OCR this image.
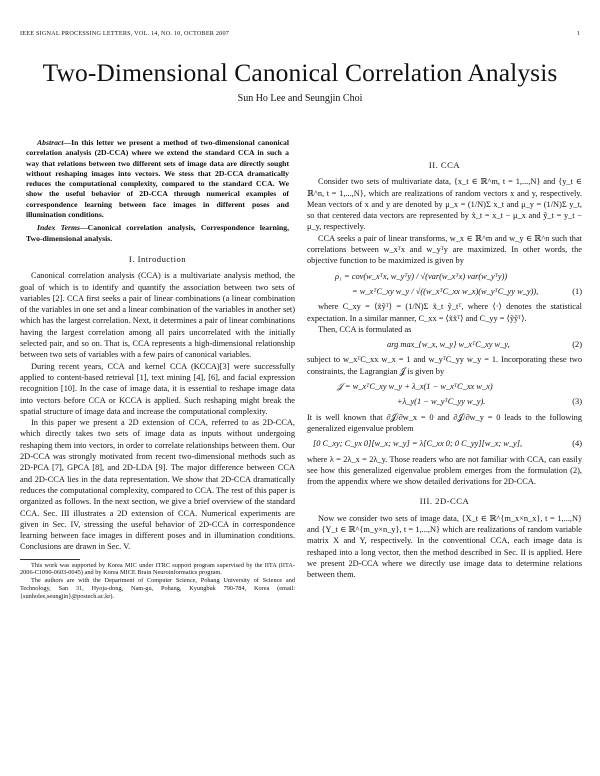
IEEE SIGNAL PROCESSING LETTERS, VOL. 14, NO. 10, OCTOBER 2007	1
Two-Dimensional Canonical Correlation Analysis
Sun Ho Lee and Seungjin Choi

Abstract—In this letter we present a method of two-dimensional canonical correlation analysis (2D-CCA) where we extend the standard CCA in such a way that relations between two different sets of image data are directly sought without reshaping images into vectors. We stess that 2D-CCA dramatically reduces the computational complexity, compared to the standard CCA. We show the useful behavior of 2D-CCA through numerical examples of correspondence learning between face images in different poses and illumination conditions.

Index Terms—Canonical correlation analysis, Correspondence learning, Two-dimensional analysis.

I. Introduction

Canonical correlation analysis (CCA) is a multivariate analysis method, the goal of which is to identify and quantify the association between two sets of variables [2]. CCA first seeks a pair of linear combinations (a linear combination of the variables in one set and a linear combination of the variables in another set) which has the largest correlation. Next, it determines a pair of linear combinations having the largest correlation among all pairs uncorrelated with the initially selected pair, and so on. That is, CCA represents a high-dimensional relationship between two sets of variables with a few pairs of canonical variables.

During recent years, CCA and kernel CCA (KCCA)[3] were successfully applied to content-based retrieval [1], text mining [4], [6], and facial expression recognition [10]. In the case of image data, it is essential to reshape image data into vectors before CCA or KCCA is applied. Such reshaping might break the spatial structure of image data and increase the computational complexity.

In this paper we present a 2D extension of CCA, referred to as 2D-CCA, which directly takes two sets of image data as inputs without undergoing reshaping them into vectors, in order to correlate relationships between them. Our 2D-CCA was strongly motivated from recent two-dimensional methods such as 2D-PCA [7], GPCA [8], and 2D-LDA [9]. The major difference between CCA and 2D-CCA lies in the data representation. We show that 2D-CCA dramatically reduces the computational complexity, compared to CCA. The rest of this paper is organized as follows. In the next section, we give a brief overview of the standard CCA. Sec. III illustrates a 2D extension of CCA. Numerical experiments are given in Sec. IV, stressing the useful behavior of 2D-CCA in correspondence learning between face images in different poses and in illumination conditions. Conclusions are drawn in Sec. V.

This work was supported by Korea MIC under ITRC support program supervised by the IITA (IITA-2006-C1090-0603-0045) and by Korea MICE Brain Neuroinformatics program.

The authors are with the Department of Computer Science, Pohang University of Science and Technology, San 31, Hyoja-dong, Nam-gu, Pohang, Kyungbuk 790-784, Korea (email: {sunholee,seungjin}@postech.ac.kr).

II. CCA

Consider two sets of multivariate data, {x_t ∈ ℝ^m, t = 1,...,N} and {y_t ∈ ℝ^n, t = 1,...,N}, which are realizations of random vectors x and y, respectively. Mean vectors of x and y are denoted by μ_x = (1/N)Σ x_t and μ_y = (1/N)Σ y_t, so that centered data vectors are represented by x̃_t = x_t − μ_x and ỹ_t = y_t − μ_y, respectively.

CCA seeks a pair of linear transforms, w_x ∈ ℝ^m and w_y ∈ ℝ^n such that correlations between w_xᵀx and w_yᵀy are maximized. In other words, the objective function to be maximized is given by

ρ₁ = cov(w_xᵀx, w_yᵀy) / √(var(w_xᵀx) var(w_yᵀy))
= w_xᵀC_xy w_y / √((w_xᵀC_xx w_x)(w_yᵀC_yy w_y)),	(1)

where C_xy = ⟨x̃ỹᵀ⟩ = (1/N)Σ x̃_t ỹ_tᵀ, where ⟨·⟩ denotes the statistical expectation. In a similar manner, C_xx = ⟨x̃x̃ᵀ⟩ and C_yy = ⟨ỹỹᵀ⟩.

Then, CCA is formulated as

arg max_{w_x, w_y} w_xᵀC_xy w_y,	(2)

subject to w_xᵀC_xx w_x = 1 and w_yᵀC_yy w_y = 1. Incorporating these two constraints, the Lagrangian 𝒥 is given by

𝒥 = w_xᵀC_xy w_y + λ_x(1 − w_xᵀC_xx w_x)
+λ_y(1 − w_yᵀC_yy w_y).	(3)

It is well known that ∂𝒥/∂w_x = 0 and ∂𝒥/∂w_y = 0 leads to the following generalized eigenvalue problem

[0 C_xy; C_yx 0][w_x; w_y] = λ[C_xx 0; 0 C_yy][w_x; w_y],	(4)

where λ = 2λ_x = 2λ_y. Those readers who are not familiar with CCA, can easily see how this generalized eigenvalue problem emerges from the formulation (2), from the appendix where we show detailed derivations for 2D-CCA.

III. 2D-CCA

Now we consider two sets of image data, {X_t ∈ ℝ^{m_x×n_x}, t = 1,...,N} and {Y_t ∈ ℝ^{m_y×n_y}, t = 1,...,N} which are realizations of random variable matrix X and Y, respectively. In the conventional CCA, each image data is reshaped into a long vector, then the method described in Sec. II is applied. Here we present 2D-CCA where we directly use image data to determine relations between them.
